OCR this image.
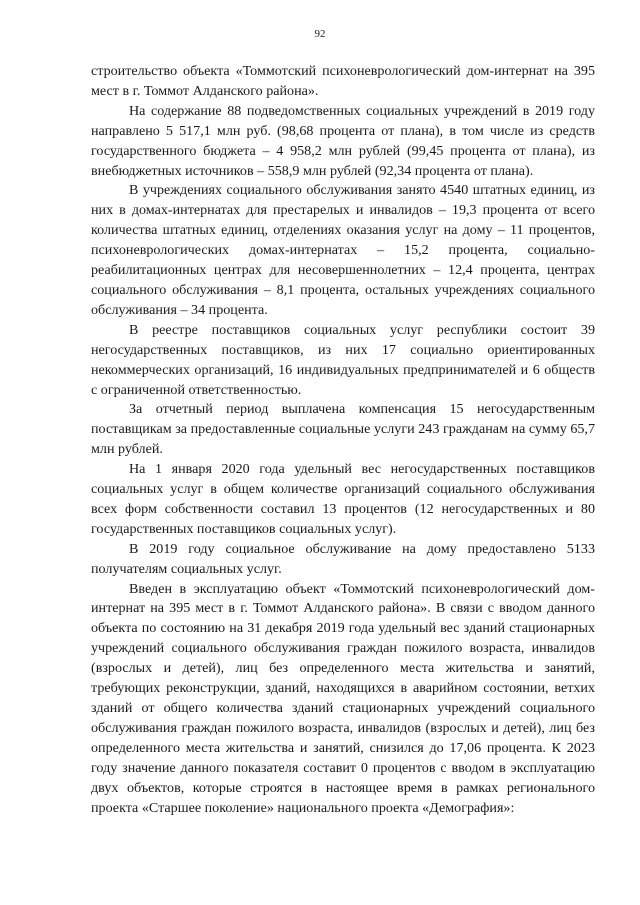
92

строительство объекта «Томмотский психоневрологический дом-интернат на 395 мест в г. Томмот Алданского района».

На содержание 88 подведомственных социальных учреждений в 2019 году направлено 5 517,1 млн руб. (98,68 процента от плана), в том числе из средств государственного бюджета – 4 958,2 млн рублей (99,45 процента от плана), из внебюджетных источников – 558,9 млн рублей (92,34 процента от плана).

В учреждениях социального обслуживания занято 4540 штатных единиц, из них в домах-интернатах для престарелых и инвалидов – 19,3 процента от всего количества штатных единиц, отделениях оказания услуг на дому – 11 процентов, психоневрологических домах-интернатах – 15,2 процента, социально-реабилитационных центрах для несовершеннолетних – 12,4 процента, центрах социального обслуживания – 8,1 процента, остальных учреждениях социального обслуживания – 34 процента.

В реестре поставщиков социальных услуг республики состоит 39 негосударственных поставщиков, из них 17 социально ориентированных некоммерческих организаций, 16 индивидуальных предпринимателей и 6 обществ с ограниченной ответственностью.

За отчетный период выплачена компенсация 15 негосударственным поставщикам за предоставленные социальные услуги 243 гражданам на сумму 65,7 млн рублей.

На 1 января 2020 года удельный вес негосударственных поставщиков социальных услуг в общем количестве организаций социального обслуживания всех форм собственности составил 13 процентов (12 негосударственных и 80 государственных поставщиков социальных услуг).

В 2019 году социальное обслуживание на дому предоставлено 5133 получателям социальных услуг.

Введен в эксплуатацию объект «Томмотский психоневрологический дом-интернат на 395 мест в г. Томмот Алданского района». В связи с вводом данного объекта по состоянию на 31 декабря 2019 года удельный вес зданий стационарных учреждений социального обслуживания граждан пожилого возраста, инвалидов (взрослых и детей), лиц без определенного места жительства и занятий, требующих реконструкции, зданий, находящихся в аварийном состоянии, ветхих зданий от общего количества зданий стационарных учреждений социального обслуживания граждан пожилого возраста, инвалидов (взрослых и детей), лиц без определенного места жительства и занятий, снизился до 17,06 процента. К 2023 году значение данного показателя составит 0 процентов с вводом в эксплуатацию двух объектов, которые строятся в настоящее время в рамках регионального проекта «Старшее поколение» национального проекта «Демография»:
